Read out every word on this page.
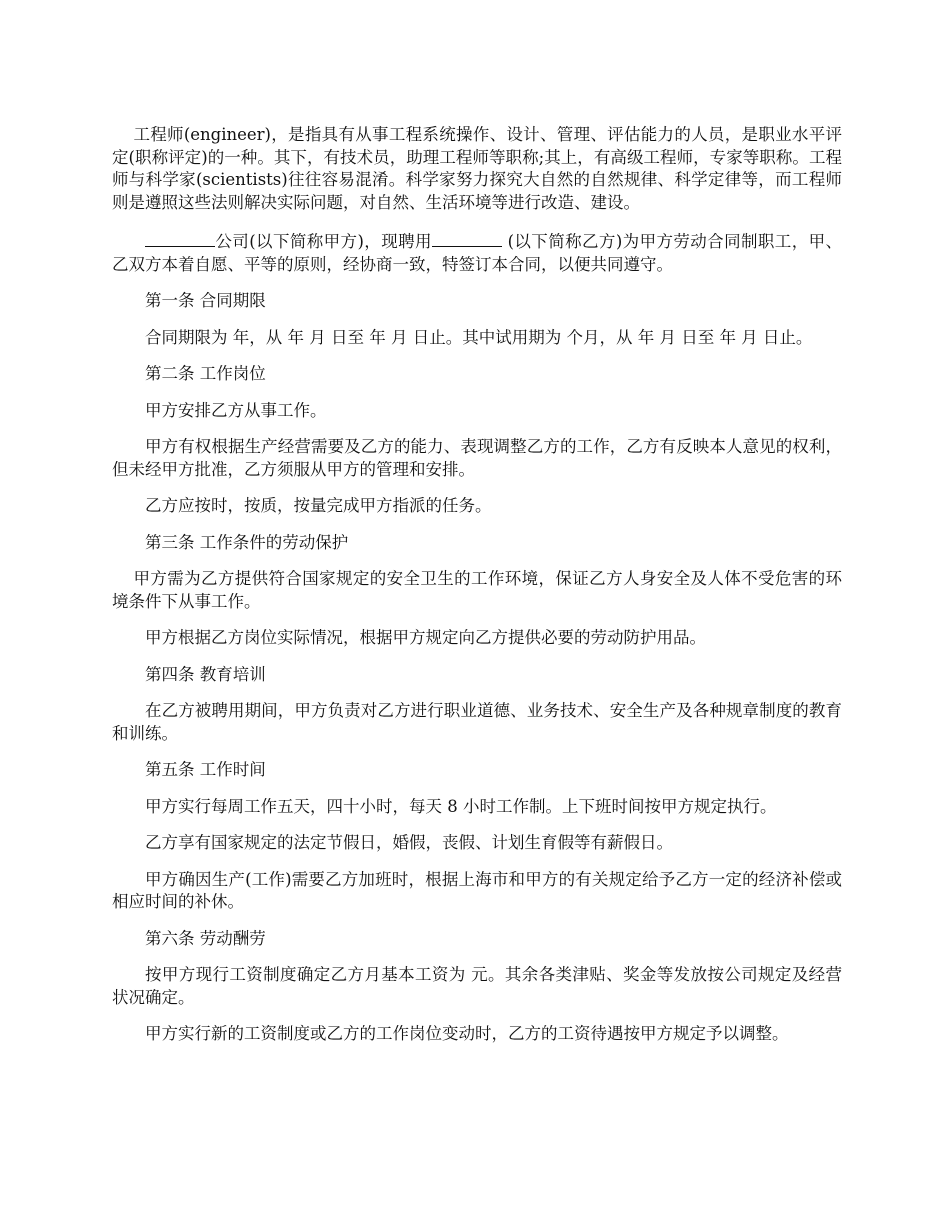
工程师(engineer)，是指具有从事工程系统操作、设计、管理、评估能力的人员，是职业水平评定(职称评定)的一种。其下，有技术员，助理工程师等职称;其上，有高级工程师，专家等职称。工程师与科学家(scientists)往往容易混淆。科学家努力探究大自然的自然规律、科学定律等，而工程师则是遵照这些法则解决实际问题，对自然、生活环境等进行改造、建设。

公司(以下简称甲方)，现聘用	(以下简称乙方)为甲方劳动合同制职工，甲、乙双方本着自愿、平等的原则，经协商一致，特签订本合同，以便共同遵守。

第一条 合同期限

合同期限为 年，从 年 月 日至 年 月 日止。其中试用期为 个月，从 年 月 日至 年 月 日止。

第二条 工作岗位

甲方安排乙方从事工作。

甲方有权根据生产经营需要及乙方的能力、表现调整乙方的工作，乙方有反映本人意见的权利，但未经甲方批准，乙方须服从甲方的管理和安排。

乙方应按时，按质，按量完成甲方指派的任务。

第三条 工作条件的劳动保护

甲方需为乙方提供符合国家规定的安全卫生的工作环境，保证乙方人身安全及人体不受危害的环境条件下从事工作。

甲方根据乙方岗位实际情况，根据甲方规定向乙方提供必要的劳动防护用品。

第四条 教育培训

在乙方被聘用期间，甲方负责对乙方进行职业道德、业务技术、安全生产及各种规章制度的教育和训练。

第五条 工作时间

甲方实行每周工作五天，四十小时，每天 8 小时工作制。上下班时间按甲方规定执行。

乙方享有国家规定的法定节假日，婚假，丧假、计划生育假等有薪假日。

甲方确因生产(工作)需要乙方加班时，根据上海市和甲方的有关规定给予乙方一定的经济补偿或相应时间的补休。

第六条 劳动酬劳

按甲方现行工资制度确定乙方月基本工资为 元。其余各类津贴、奖金等发放按公司规定及经营状况确定。

甲方实行新的工资制度或乙方的工作岗位变动时，乙方的工资待遇按甲方规定予以调整。
